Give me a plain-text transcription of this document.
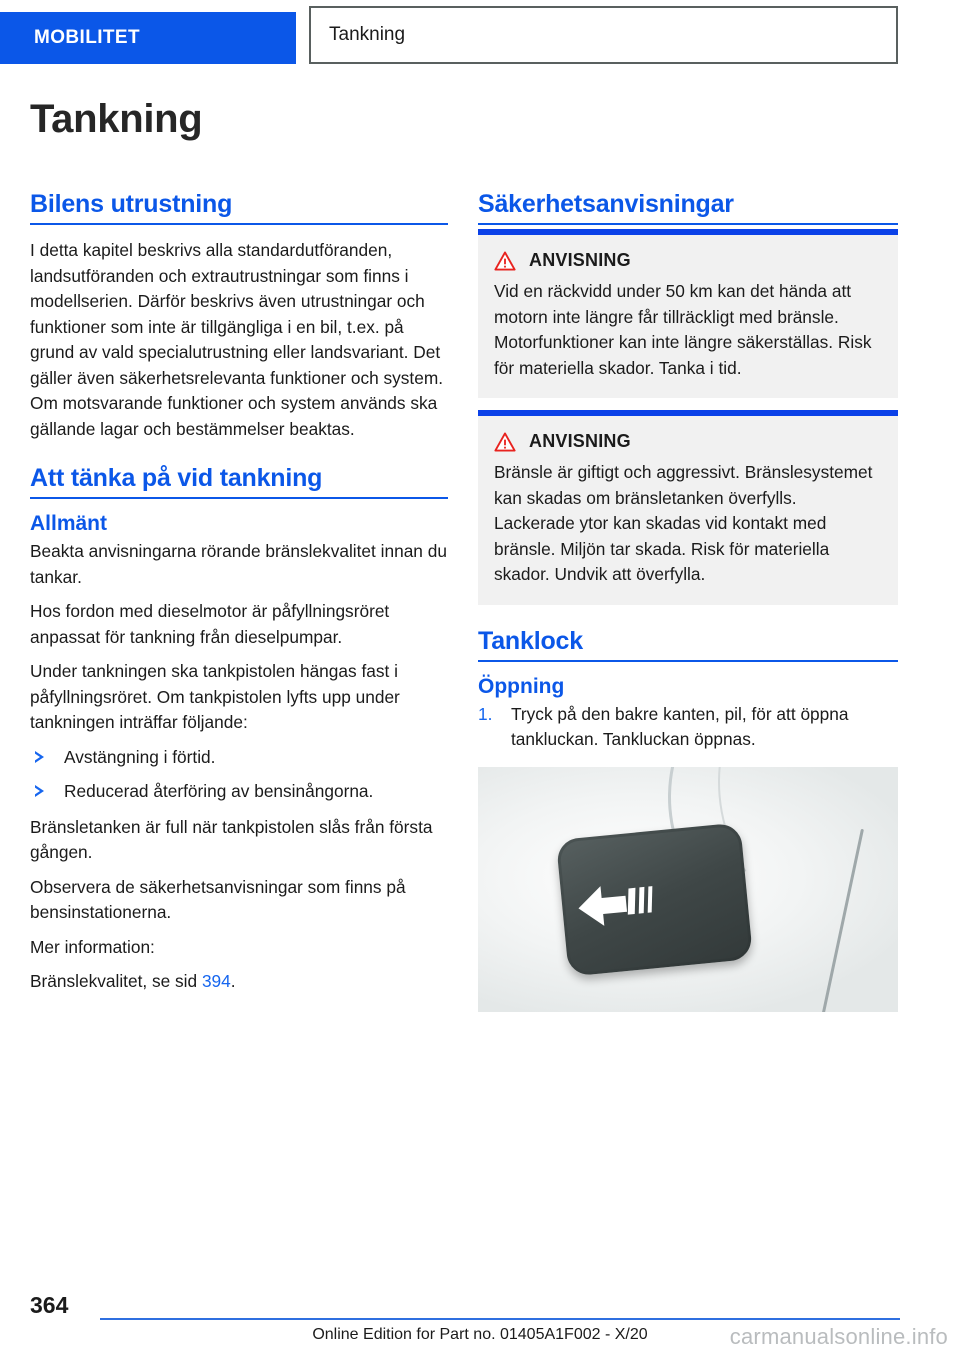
MOBILITET	Tankning
Tankning
Bilens utrustning

I detta kapitel beskrivs alla standardutföranden, landsutföranden och extrautrustningar som finns i modellserien. Därför beskrivs även utrustningar och funktioner som inte är tillgängliga i en bil, t.ex. på grund av vald specialutrustning eller landsvariant. Det gäller även säkerhetsrelevanta funktioner och system. Om motsvarande funktioner och system används ska gällande lagar och bestämmelser beaktas.

Att tänka på vid tankning
Allmänt

Beakta anvisningarna rörande bränslekvalitet innan du tankar.

Hos fordon med dieselmotor är påfyllningsröret anpassat för tankning från dieselpumpar.

Under tankningen ska tankpistolen hängas fast i påfyllningsröret. Om tankpistolen lyfts upp under tankningen inträffar följande:

Avstängning i förtid.
Reducerad återföring av bensinångorna.

Bränsletanken är full när tankpistolen slås från första gången.

Observera de säkerhetsanvisningar som finns på bensinstationerna.

Mer information:

Bränslekvalitet, se sid 394.

Säkerhetsanvisningar
ANVISNING
Vid en räckvidd under 50 km kan det hända att motorn inte längre får tillräckligt med bränsle. Motorfunktioner kan inte längre säkerställas. Risk för materiella skador. Tanka i tid.
ANVISNING
Bränsle är giftigt och aggressivt. Bränslesystemet kan skadas om bränsletanken överfylls. Lackerade ytor kan skadas vid kontakt med bränsle. Miljön tar skada. Risk för materiella skador. Undvik att överfylla.
Tanklock
Öppning
1. Tryck på den bakre kanten, pil, för att öppna tankluckan. Tankluckan öppnas.
364
Online Edition for Part no. 01405A1F002 - X/20	carmanualsonline.info
